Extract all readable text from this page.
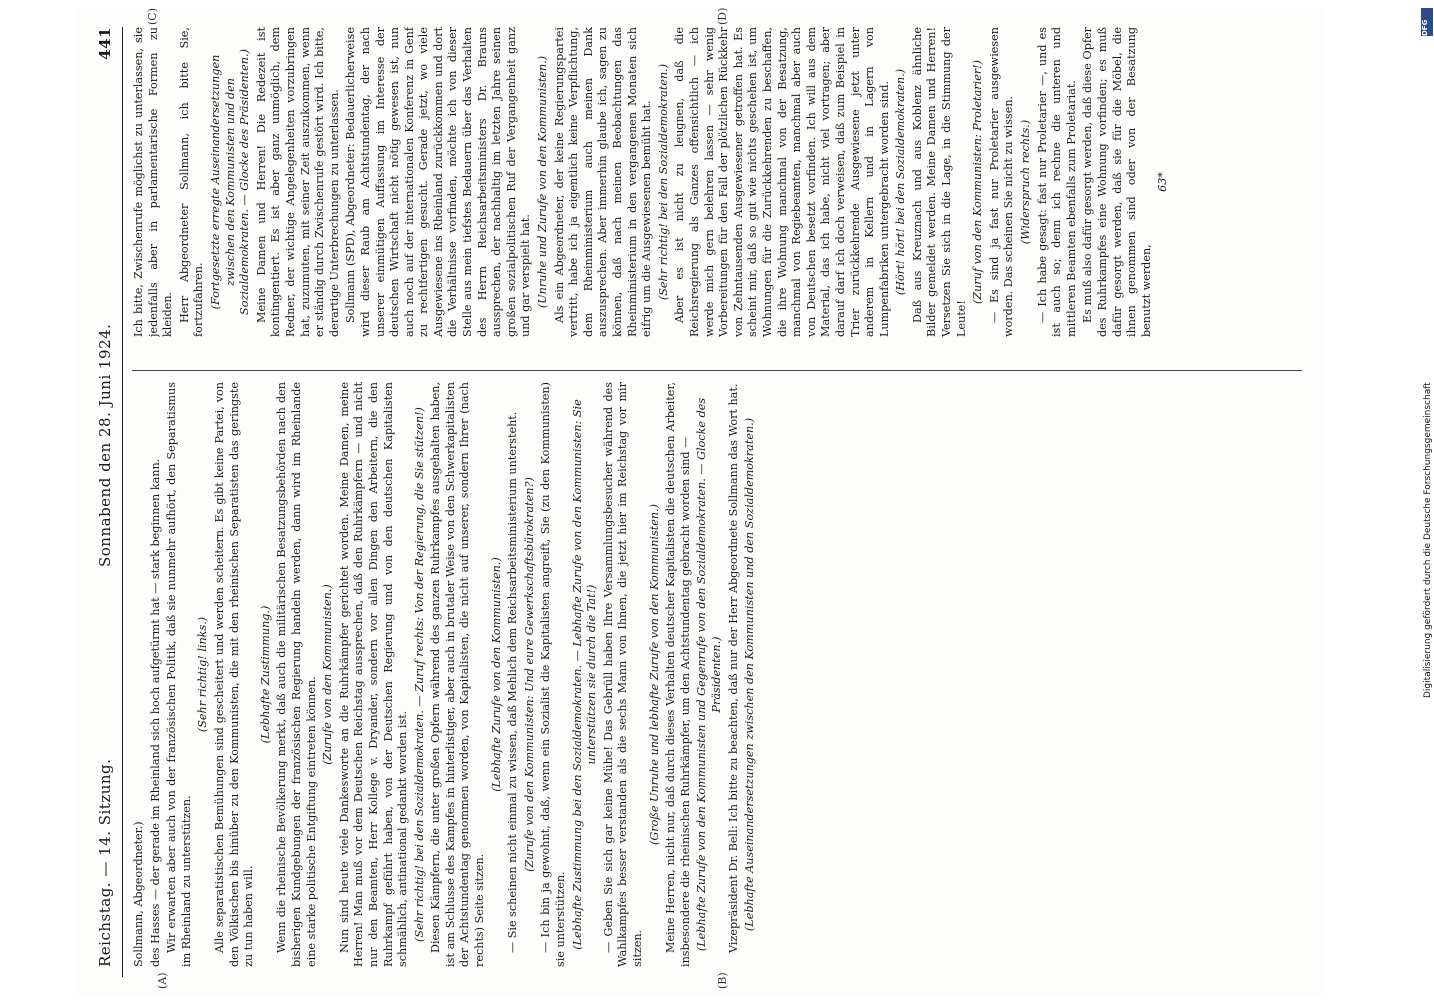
Reichstag. — 14. Sitzung.
Sonnabend den 28. Juni 1924.
441
(A)	(B)
(C)	(D)

Sollmann, Abgeordneter.) des Hasses — der gerade im Rheinland sich hoch aufgetürmt hat — stark beginnen kann. Wir erwarten aber auch von der französischen Politik, daß sie nunmehr aufhört, den Separatismus im Rheinland zu unterstützen.

(Sehr richtig! links.) Alle separatistischen Bemühungen sind gescheitert und werden scheitern. Es gibt keine Partei, von den Völkischen bis hinüber zu den Kommunisten, die mit den rheinischen Separatisten das geringste zu tun haben will.

(Lebhafte Zustimmung.) Wenn die rheinische Bevölkerung merkt, daß auch die militärischen Besatzungsbehörden nach den bisherigen Kundgebungen der französischen Regierung handeln werden, dann wird im Rheinlande eine starke politische Entgiftung eintreten können.

(Zurufe von den Kommunisten.) Nun sind heute viele Dankesworte an die Ruhrkämpfer gerichtet worden. Meine Damen, meine Herren! Man muß vor dem Deutschen Reichstag aussprechen, daß den Ruhrkämpfern — und nicht nur den Beamten, Herr Kollege v. Dryander, sondern vor allen Dingen den Arbeitern, die den Ruhrkampf geführt haben, von der Deutschen Regierung und von den deutschen Kapitalisten schmählich, antinational gedankt worden ist. (Sehr richtig! bei den Sozialdemokraten. — Zuruf rechts: Von der Regierung, die Sie stützen!) Diesen Kämpfern, die unter großen Opfern während des ganzen Ruhrkampfes ausgehalten haben, ist am Schlusse des Kampfes in hinterlistiger, aber auch in brutaler Weise von den Schwerkapitalisten der Achtstundentag genommen worden, von Kapitalisten, die nicht auf unserer, sondern Ihrer (nach rechts) Seite sitzen.

(Lebhafte Zurufe von den Kommunisten.) — Sie scheinen nicht einmal zu wissen, daß Mehlich dem Reichsarbeitsministerium untersteht. (Zurufe von den Kommunisten: Und eure Gewerkschaftsbürokraten?) — Ich bin ja gewohnt, daß, wenn ein Sozialist die Kapitalisten angreift, Sie (zu den Kommunisten) sie unterstützen. (Lebhafte Zustimmung bei den Sozialdemokraten. — Lebhafte Zurufe von den Kommunisten: Sie unterstützen sie durch die Tat!) — Geben Sie sich gar keine Mühe! Das Gebrüll haben Ihre Versammlungsbesucher während des Wahlkampfes besser verstanden als die sechs Mann von Ihnen, die jetzt hier im Reichstag vor mir sitzen.

(Große Unruhe und lebhafte Zurufe von den Kommunisten.) Meine Herren, nicht nur, daß durch dieses Verhalten deutscher Kapitalisten die deutschen Arbeiter, insbesondere die rheinischen Ruhrkämpfer, um den Achtstundentag gebracht worden sind — (Lebhafte Zurufe von den Kommunisten und Gegenrufe von den Sozialdemokraten. — Glocke des Präsidenten.) Vizepräsident Dr. Bell: Ich bitte zu beachten, daß nur der Herr Abgeordnete Sollmann das Wort hat. (Lebhafte Auseinandersetzungen zwischen den Kommunisten und den Sozialdemokraten.)

Ich bitte, Zwischenrufe möglichst zu unterlassen, sie jedenfalls aber in parlamentarische Formen zu kleiden. Herr Abgeordneter Sollmann, ich bitte Sie, fortzufahren. (Fortgesetzte erregte Auseinandersetzungen zwischen den Kommunisten und den Sozialdemokraten. — Glocke des Präsidenten.) Meine Damen und Herren! Die Redezeit ist kontingentiert. Es ist aber ganz unmöglich, dem Redner, der wichtige Angelegenheiten vorzubringen hat, zuzumuten, mit seiner Zeit auszukommen, wenn er ständig durch Zwischenrufe gestört wird. Ich bitte, derartige Unterbrechungen zu unterlassen. Sollmann (SPD), Abgeordneter: Bedauerlicherweise wird dieser Raub am Achtstundentag, der nach unserer einmütigen Auffassung im Interesse der deutschen Wirtschaft nicht nötig gewesen ist, nun auch noch auf der internationalen Konferenz in Genf zu rechtfertigen gesucht. Gerade jetzt, wo viele Ausgewiesene ins Rheinland zurückkommen und dort die Verhältnisse vorfinden, möchte ich von dieser Stelle aus mein tiefstes Bedauern über das Verhalten des Herrn Reichsarbeitsministers Dr. Brauns aussprechen, der nachhaltig im letzten Jahre seinen großen sozialpolitischen Ruf der Vergangenheit ganz und gar verspielt hat. (Unruhe und Zurufe von den Kommunisten.) Als ein Abgeordneter, der keine Regierungspartei vertritt, habe ich ja eigentlich keine Verpflichtung, dem Rheinministerium auch meinen Dank auszusprechen. Aber immerhin glaube ich, sagen zu können, daß nach meinen Beobachtungen das Rheinministerium in den vergangenen Monaten sich eifrig um die Ausgewiesenen bemüht hat. (Sehr richtig! bei den Sozialdemokraten.) Aber es ist nicht zu leugnen, daß die Reichsregierung als Ganzes offensichtlich — ich werde mich gern belehren lassen — sehr wenig Vorbereitungen für den Fall der plötzlichen Rückkehr von Zehntausenden Ausgewiesener getroffen hat. Es scheint mir, daß so gut wie nichts geschehen ist, um Wohnungen für die Zurückkehrenden zu beschaffen, die ihre Wohnung manchmal von der Besatzung, manchmal von Regiebeamten, manchmal aber auch von Deutschen besetzt vorfinden. Ich will aus dem Material, das ich habe, nicht viel vortragen; aber darauf darf ich doch verweisen, daß zum Beispiel in Trier zurückkehrende Ausgewiesene jetzt unter anderem in Kellern und in Lagern von Lumpenfabriken untergebracht worden sind. (Hört! hört! bei den Sozialdemokraten.) Daß aus Kreuznach und aus Koblenz ähnliche Bilder gemeldet werden. Meine Damen und Herren! Versetzen Sie sich in die Lage, in die Stimmung der Leute!

(Zuruf von den Kommunisten: Proletarier!) — Es sind ja fast nur Proletarier ausgewiesen worden. Das scheinen Sie nicht zu wissen. (Widerspruch rechts.) — Ich habe gesagt: fast nur Proletarier —, und es ist auch so; denn ich rechne die unteren und mittleren Beamten ebenfalls zum Proletariat. Es muß also dafür gesorgt werden, daß diese Opfer des Ruhrkampfes eine Wohnung vorfinden; es muß dafür gesorgt werden, daß sie für die Möbel, die ihnen genommen sind oder von der Besatzung benutzt werden,

63*

Digitalisierung gefördert durch die Deutsche Forschungsgemeinschaft
DFG
